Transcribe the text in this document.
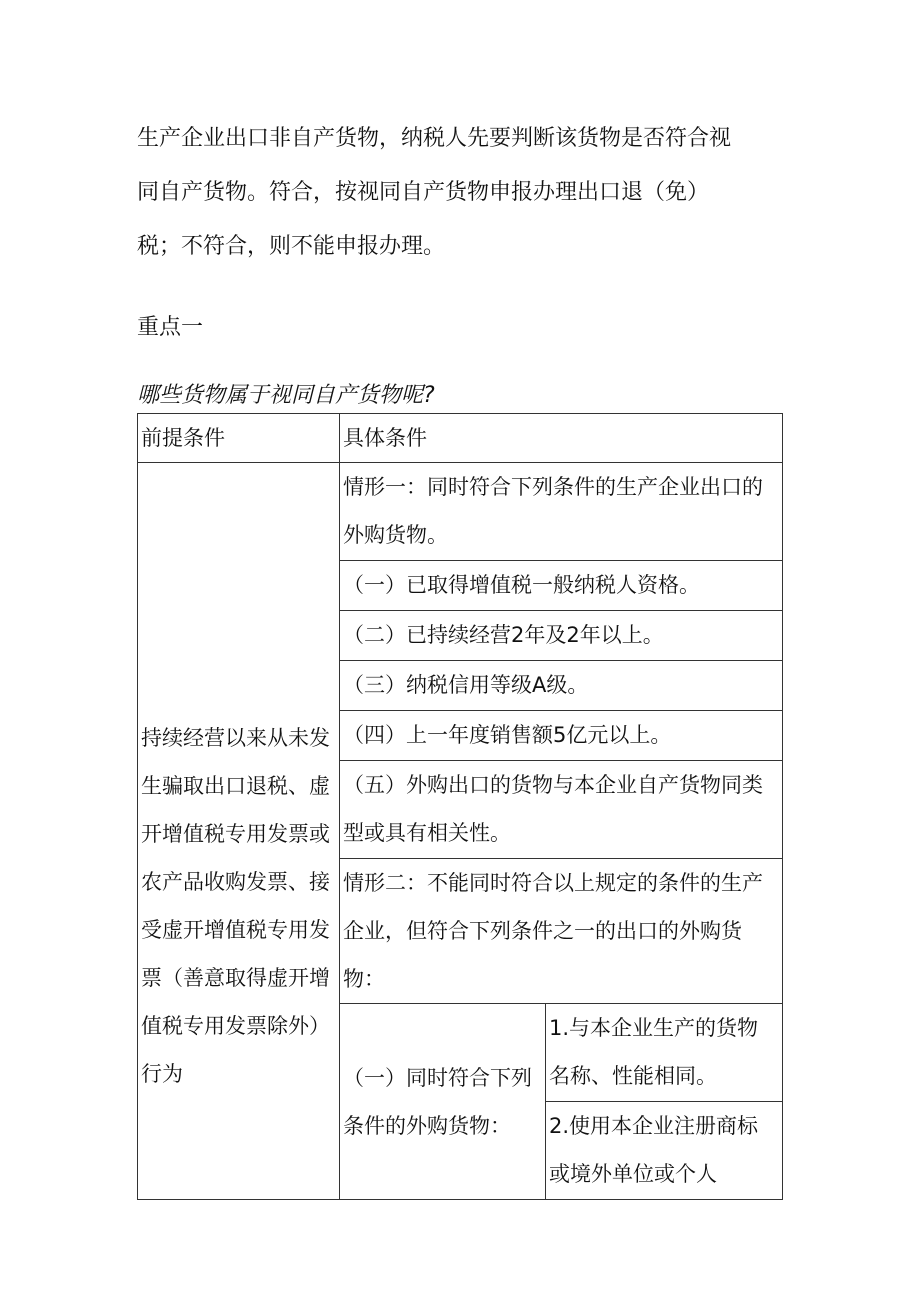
生产企业出口非自产货物，纳税人先要判断该货物是否符合视
同自产货物。符合，按视同自产货物申报办理出口退（免）
税；不符合，则不能申报办理。
重点一
哪些货物属于视同自产货物呢?
前提条件	具体条件	
持续经营以来从未发生骗取出口退税、虚开增值税专用发票或农产品收购发票、接受虚开增值税专用发票（善意取得虚开增值税专用发票除外）行为	情形一：同时符合下列条件的生产企业出口的外购货物。	
	（一）已取得增值税一般纳税人资格。	
	（二）已持续经营2年及2年以上。	
	（三）纳税信用等级A级。	
	（四）上一年度销售额5亿元以上。	
	（五）外购出口的货物与本企业自产货物同类型或具有相关性。	
	情形二：不能同时符合以上规定的条件的生产企业，但符合下列条件之一的出口的外购货物：	
	（一）同时符合下列条件的外购货物：	1.与本企业生产的货物名称、性能相同。
		2.使用本企业注册商标或境外单位或个人
